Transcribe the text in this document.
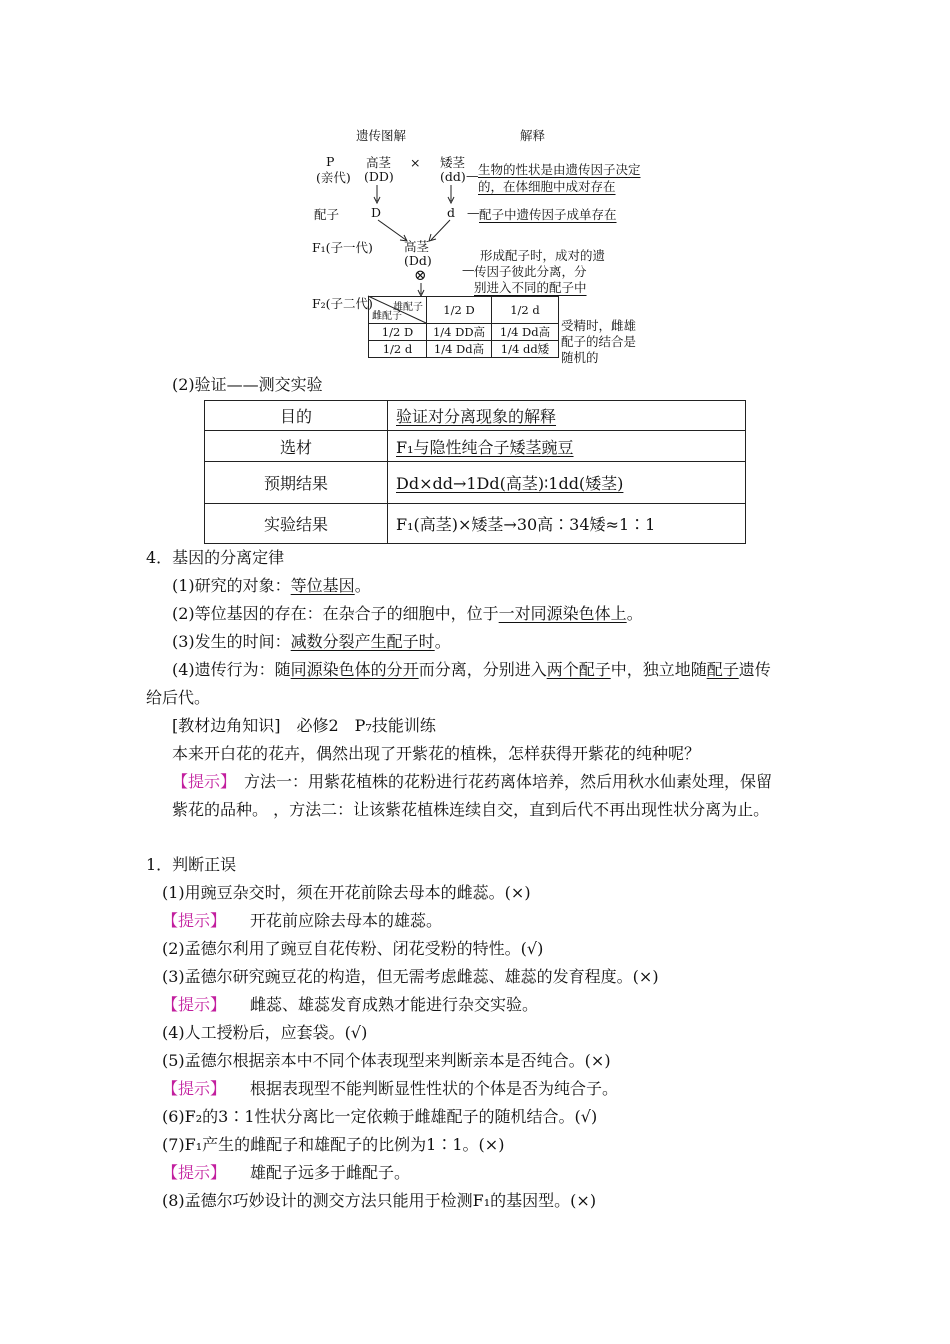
遗传图解	解释
P
(亲代)
高茎
(DD)
× 矮茎
(dd) — 生物的性状是由遗传因子决定
的，在体细胞中成对存在
配子	D	d — 配子中遗传因子成单存在
F₁(子一代) 高茎
(Dd)
⊗
形成配子时，成对的遗
— 传因子彼此分离，分
别进入不同的配子中
F₂(子二代) 雄配子
雌配子	1/2 D	1/2 d
1/2 D	1/4 DD高	1/4 Dd高
1/2 d	1/4 Dd高	1/4 dd矮
受精时，雌雄
配子的结合是
随机的
(2)验证——测交实验
目的	验证对分离现象的解释
选材	F₁与隐性纯合子矮茎豌豆
预期结果	Dd×dd→1Dd(高茎)∶1dd(矮茎)
实验结果	F₁(高茎)×矮茎→30高∶34矮≈1∶1
4．基因的分离定律
(1)研究的对象：等位基因。
(2)等位基因的存在：在杂合子的细胞中，位于一对同源染色体上。
(3)发生的时间：减数分裂产生配子时。
(4)遗传行为：随同源染色体的分开而分离，分别进入两个配子中，独立地随配子遗传
给后代。
[教材边角知识]　必修2　P₇技能训练
本来开白花的花卉，偶然出现了开紫花的植株，怎样获得开紫花的纯种呢？
【提示】　方法一：用紫花植株的花粉进行花药离体培养，然后用秋水仙素处理，保留
紫花的品种。 ，方法二：让该紫花植株连续自交，直到后代不再出现性状分离为止。
1．判断正误
(1)用豌豆杂交时，须在开花前除去母本的雌蕊。(×)
【提示】 开花前应除去母本的雄蕊。
(2)孟德尔利用了豌豆自花传粉、闭花受粉的特性。(√)
(3)孟德尔研究豌豆花的构造，但无需考虑雌蕊、雄蕊的发育程度。(×)
【提示】 雌蕊、雄蕊发育成熟才能进行杂交实验。
(4)人工授粉后，应套袋。(√)
(5)孟德尔根据亲本中不同个体表现型来判断亲本是否纯合。(×)
【提示】 根据表现型不能判断显性性状的个体是否为纯合子。
(6)F₂的3∶1性状分离比一定依赖于雌雄配子的随机结合。(√)
(7)F₁产生的雌配子和雄配子的比例为1∶1。(×)
【提示】 雄配子远多于雌配子。
(8)孟德尔巧妙设计的测交方法只能用于检测F₁的基因型。(×)
